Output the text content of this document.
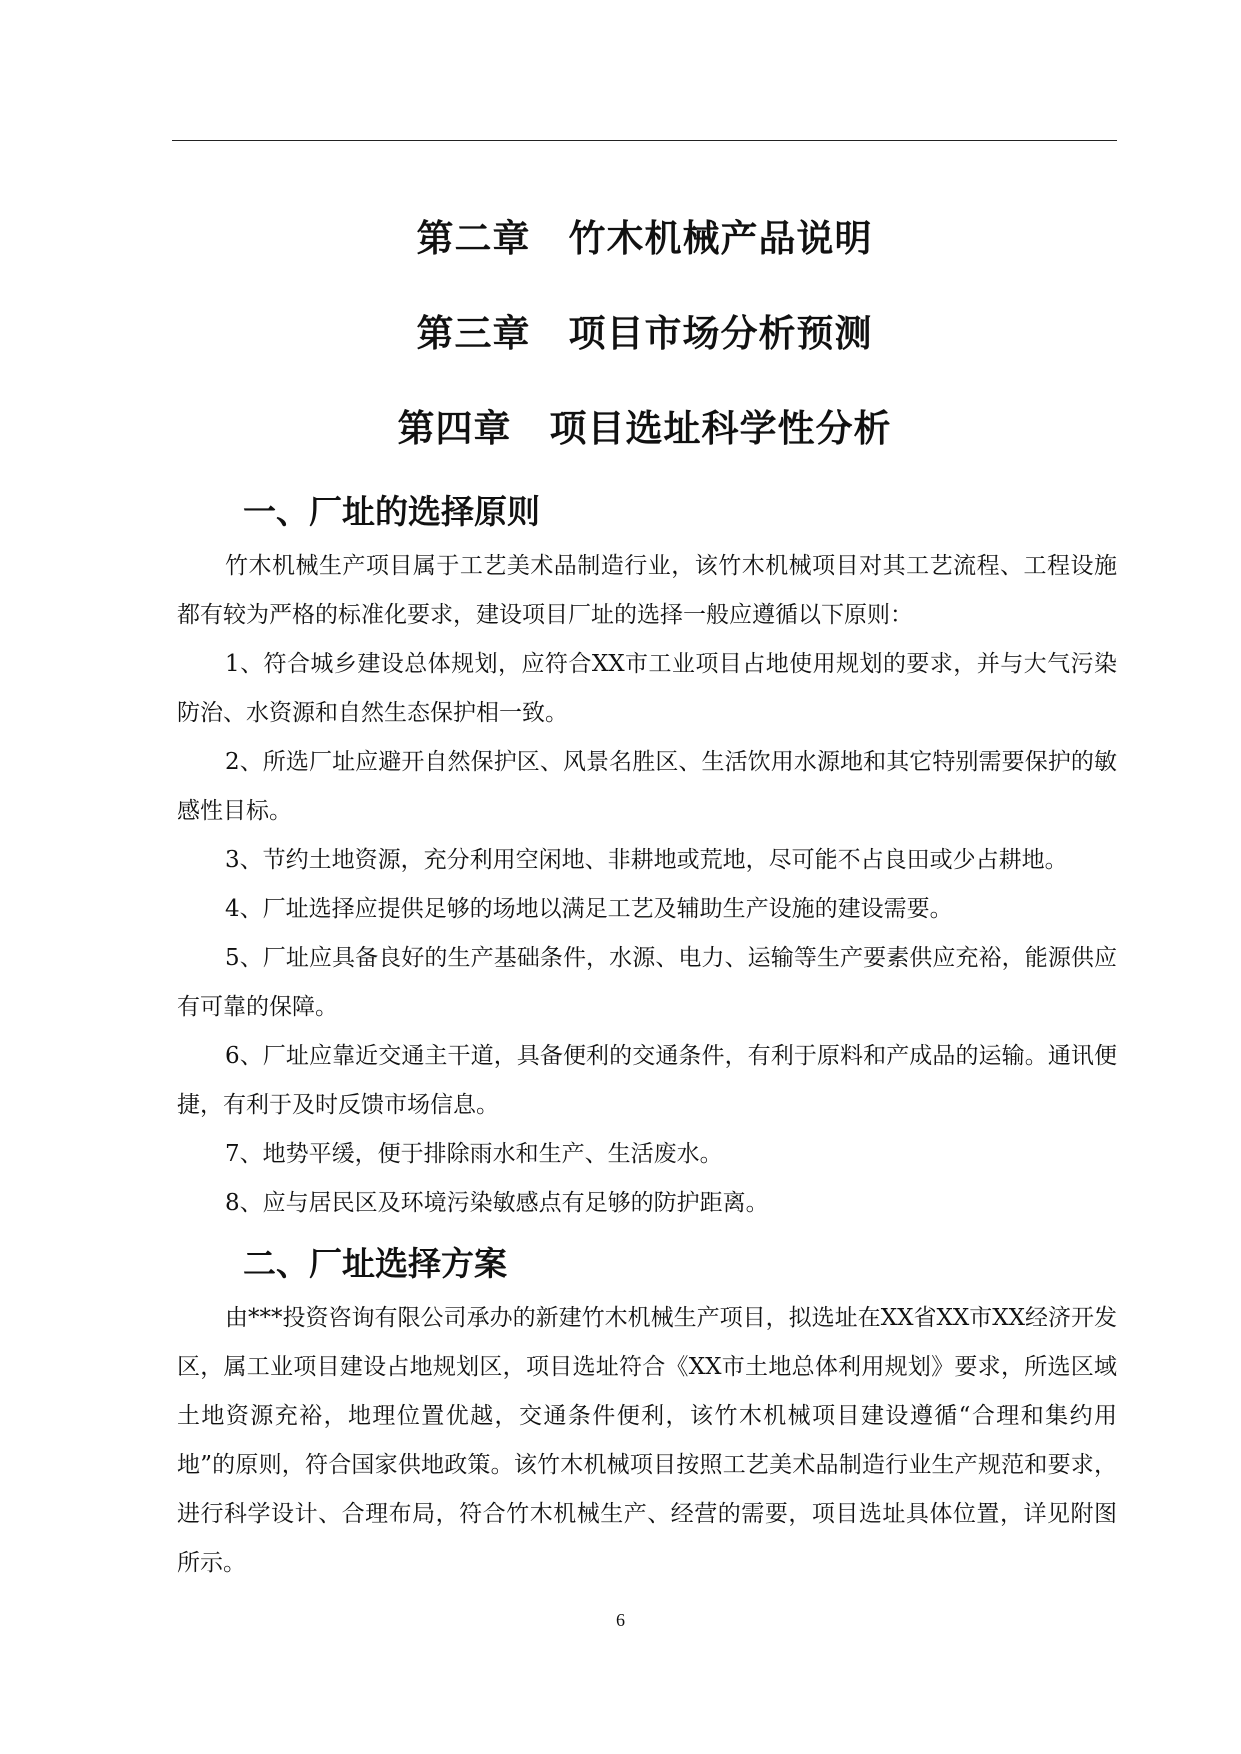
第二章　竹木机械产品说明
第三章　项目市场分析预测
第四章　项目选址科学性分析
一、厂址的选择原则

竹木机械生产项目属于工艺美术品制造行业，该竹木机械项目对其工艺流程、工程设施都有较为严格的标准化要求，建设项目厂址的选择一般应遵循以下原则：

1、符合城乡建设总体规划，应符合XX市工业项目占地使用规划的要求，并与大气污染防治、水资源和自然生态保护相一致。

2、所选厂址应避开自然保护区、风景名胜区、生活饮用水源地和其它特别需要保护的敏感性目标。

3、节约土地资源，充分利用空闲地、非耕地或荒地，尽可能不占良田或少占耕地。

4、厂址选择应提供足够的场地以满足工艺及辅助生产设施的建设需要。

5、厂址应具备良好的生产基础条件，水源、电力、运输等生产要素供应充裕，能源供应有可靠的保障。

6、厂址应靠近交通主干道，具备便利的交通条件，有利于原料和产成品的运输。通讯便捷，有利于及时反馈市场信息。

7、地势平缓，便于排除雨水和生产、生活废水。

8、应与居民区及环境污染敏感点有足够的防护距离。

二、厂址选择方案

由***投资咨询有限公司承办的新建竹木机械生产项目，拟选址在XX省XX市XX经济开发区，属工业项目建设占地规划区，项目选址符合《XX市土地总体利用规划》要求，所选区域土地资源充裕，地理位置优越，交通条件便利，该竹木机械项目建设遵循“合理和集约用地”的原则，符合国家供地政策。该竹木机械项目按照工艺美术品制造行业生产规范和要求，进行科学设计、合理布局，符合竹木机械生产、经营的需要，项目选址具体位置，详见附图所示。

6
